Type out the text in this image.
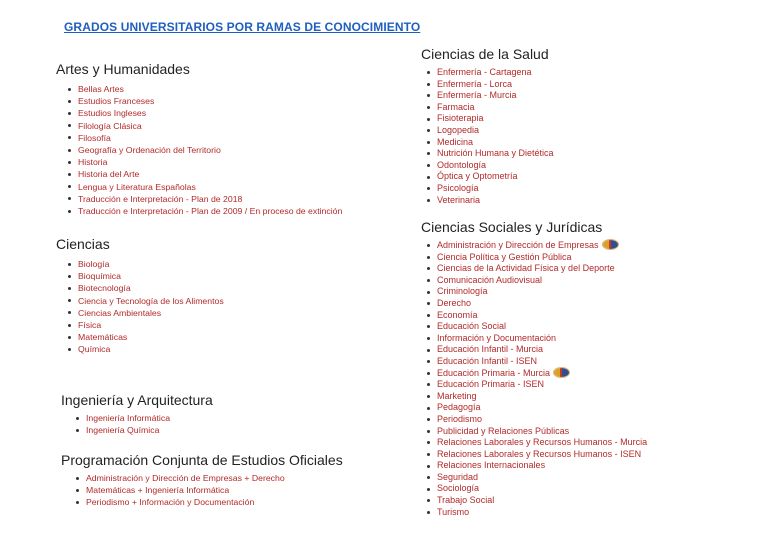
GRADOS UNIVERSITARIOS POR RAMAS DE CONOCIMIENTO
Artes y Humanidades
Bellas Artes
Estudios Franceses
Estudios Ingleses
Filología Clásica
Filosofía
Geografía y Ordenación del Territorio
Historia
Historia del Arte
Lengua y Literatura Españolas
Traducción e Interpretación - Plan de 2018
Traducción e Interpretación - Plan de 2009 / En proceso de extinción
Ciencias
Biología
Bioquímica
Biotecnología
Ciencia y Tecnología de los Alimentos
Ciencias Ambientales
Física
Matemáticas
Química
Ingeniería y Arquitectura
Ingeniería Informática
Ingeniería Química
Programación Conjunta de Estudios Oficiales
Administración y Dirección de Empresas + Derecho
Matemáticas + Ingeniería Informática
Periodismo + Información y Documentación
Ciencias de la Salud
Enfermería - Cartagena
Enfermería - Lorca
Enfermería - Murcia
Farmacia
Fisioterapia
Logopedia
Medicina
Nutrición Humana y Dietética
Odontología
Óptica y Optometría
Psicología
Veterinaria
Ciencias Sociales y Jurídicas
Administración y Dirección de Empresas
Ciencia Política y Gestión Pública
Ciencias de la Actividad Física y del Deporte
Comunicación Audiovisual
Criminología
Derecho
Economía
Educación Social
Información y Documentación
Educación Infantil - Murcia
Educación Infantil - ISEN
Educación Primaria - Murcia
Educación Primaria - ISEN
Marketing
Pedagogía
Periodismo
Publicidad y Relaciones Públicas
Relaciones Laborales y Recursos Humanos - Murcia
Relaciones Laborales y Recursos Humanos - ISEN
Relaciones Internacionales
Seguridad
Sociología
Trabajo Social
Turismo
